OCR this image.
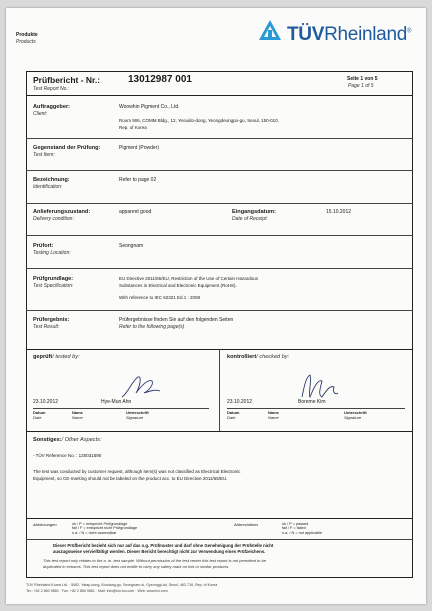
Produkte
Products	TÜVRheinland®
Prüfbericht - Nr.:
Test Report No.:
13012987 001	Seite 1 von 5
Page 1 of 5
Auftraggeber:
Client:
Woowhin Pigment Co., Ltd.
Room 906, COMM Bldg., 12, Yeouido-dong, Yeongdeungpo-gu, Seoul, 150-010,
Rep. of Korea
Gegenstand der Prüfung:
Test Item:
Pigment (Powder)
Bezeichnung:
Identification:
Refer to page 02
Anlieferungszustand:
Delivery condition:
apparent good	Eingangsdatum:
Date of Receipt:
15.10.2012
Prüfort:
Testing Location:
Seongnam
Prüfgrundlage:
Test Specification:
EU Directive 2011/65/EU, Restriction of the Use of Certain Hazardous
Substances in Electrical and Electronic Equipment (RoHS).
With reference to IEC 62321 Ed.1 : 2008
Prüfergebnis:
Test Result:
Prüfergebnisse finden Sie auf den folgenden Seiten
Refer to the following page(s)
geprüft/ tested by:	kontrolliert/ checked by:
23.10.2012	Hye-Mun Ahn
Datum
Date
Name
Name
Unterschrift
Signature
23.10.2012	Boreme Kim
Datum
Date
Name
Name
Unterschrift
Signature
Sonstiges:/ Other Aspects:
- TÜV Reference No. : 130031590
The test was conducted by customer request, although item(s) was not classified as Electrical Electronic
Equipment, so CE-marking should not be labeled on the product acc. to EU Directive 2011/65/EU.
Abkürzungen	ok / P = entspricht Prüfgrundlage
fail / F = entspricht nicht Prüfgrundlage
n.a. / N = nicht anwendbar
Abbreviations	ok / P = passed
fail / F = failed
n.a. / N = not applicable
Dieser Prüfbericht bezieht sich nur auf das o.g. Prüfmuster und darf ohne Genehmigung der Prüfstelle nicht
auszugsweise vervielfältigt werden. Dieser Bericht berechtigt nicht zur Verwendung eines Prüfzeichens.
This test report only relates to the a. m. test sample. Without permission of the test center this test report is not permitted to be
duplicated in extracts. This test report does not entitle to carry any safety mark on this or similar products.
TÜV Rheinland Korea Ltd. · 5082, Yatap-dong, Bundang-gu, Seongnam-si, Gyeonggi-do, Seoul, 463-716, Rep. of Korea
Tel.: +82 2 860 9860 · Fax: +82 2 860 9861 · Mail: info@kor.tuv.com · Web: www.tuv.com
